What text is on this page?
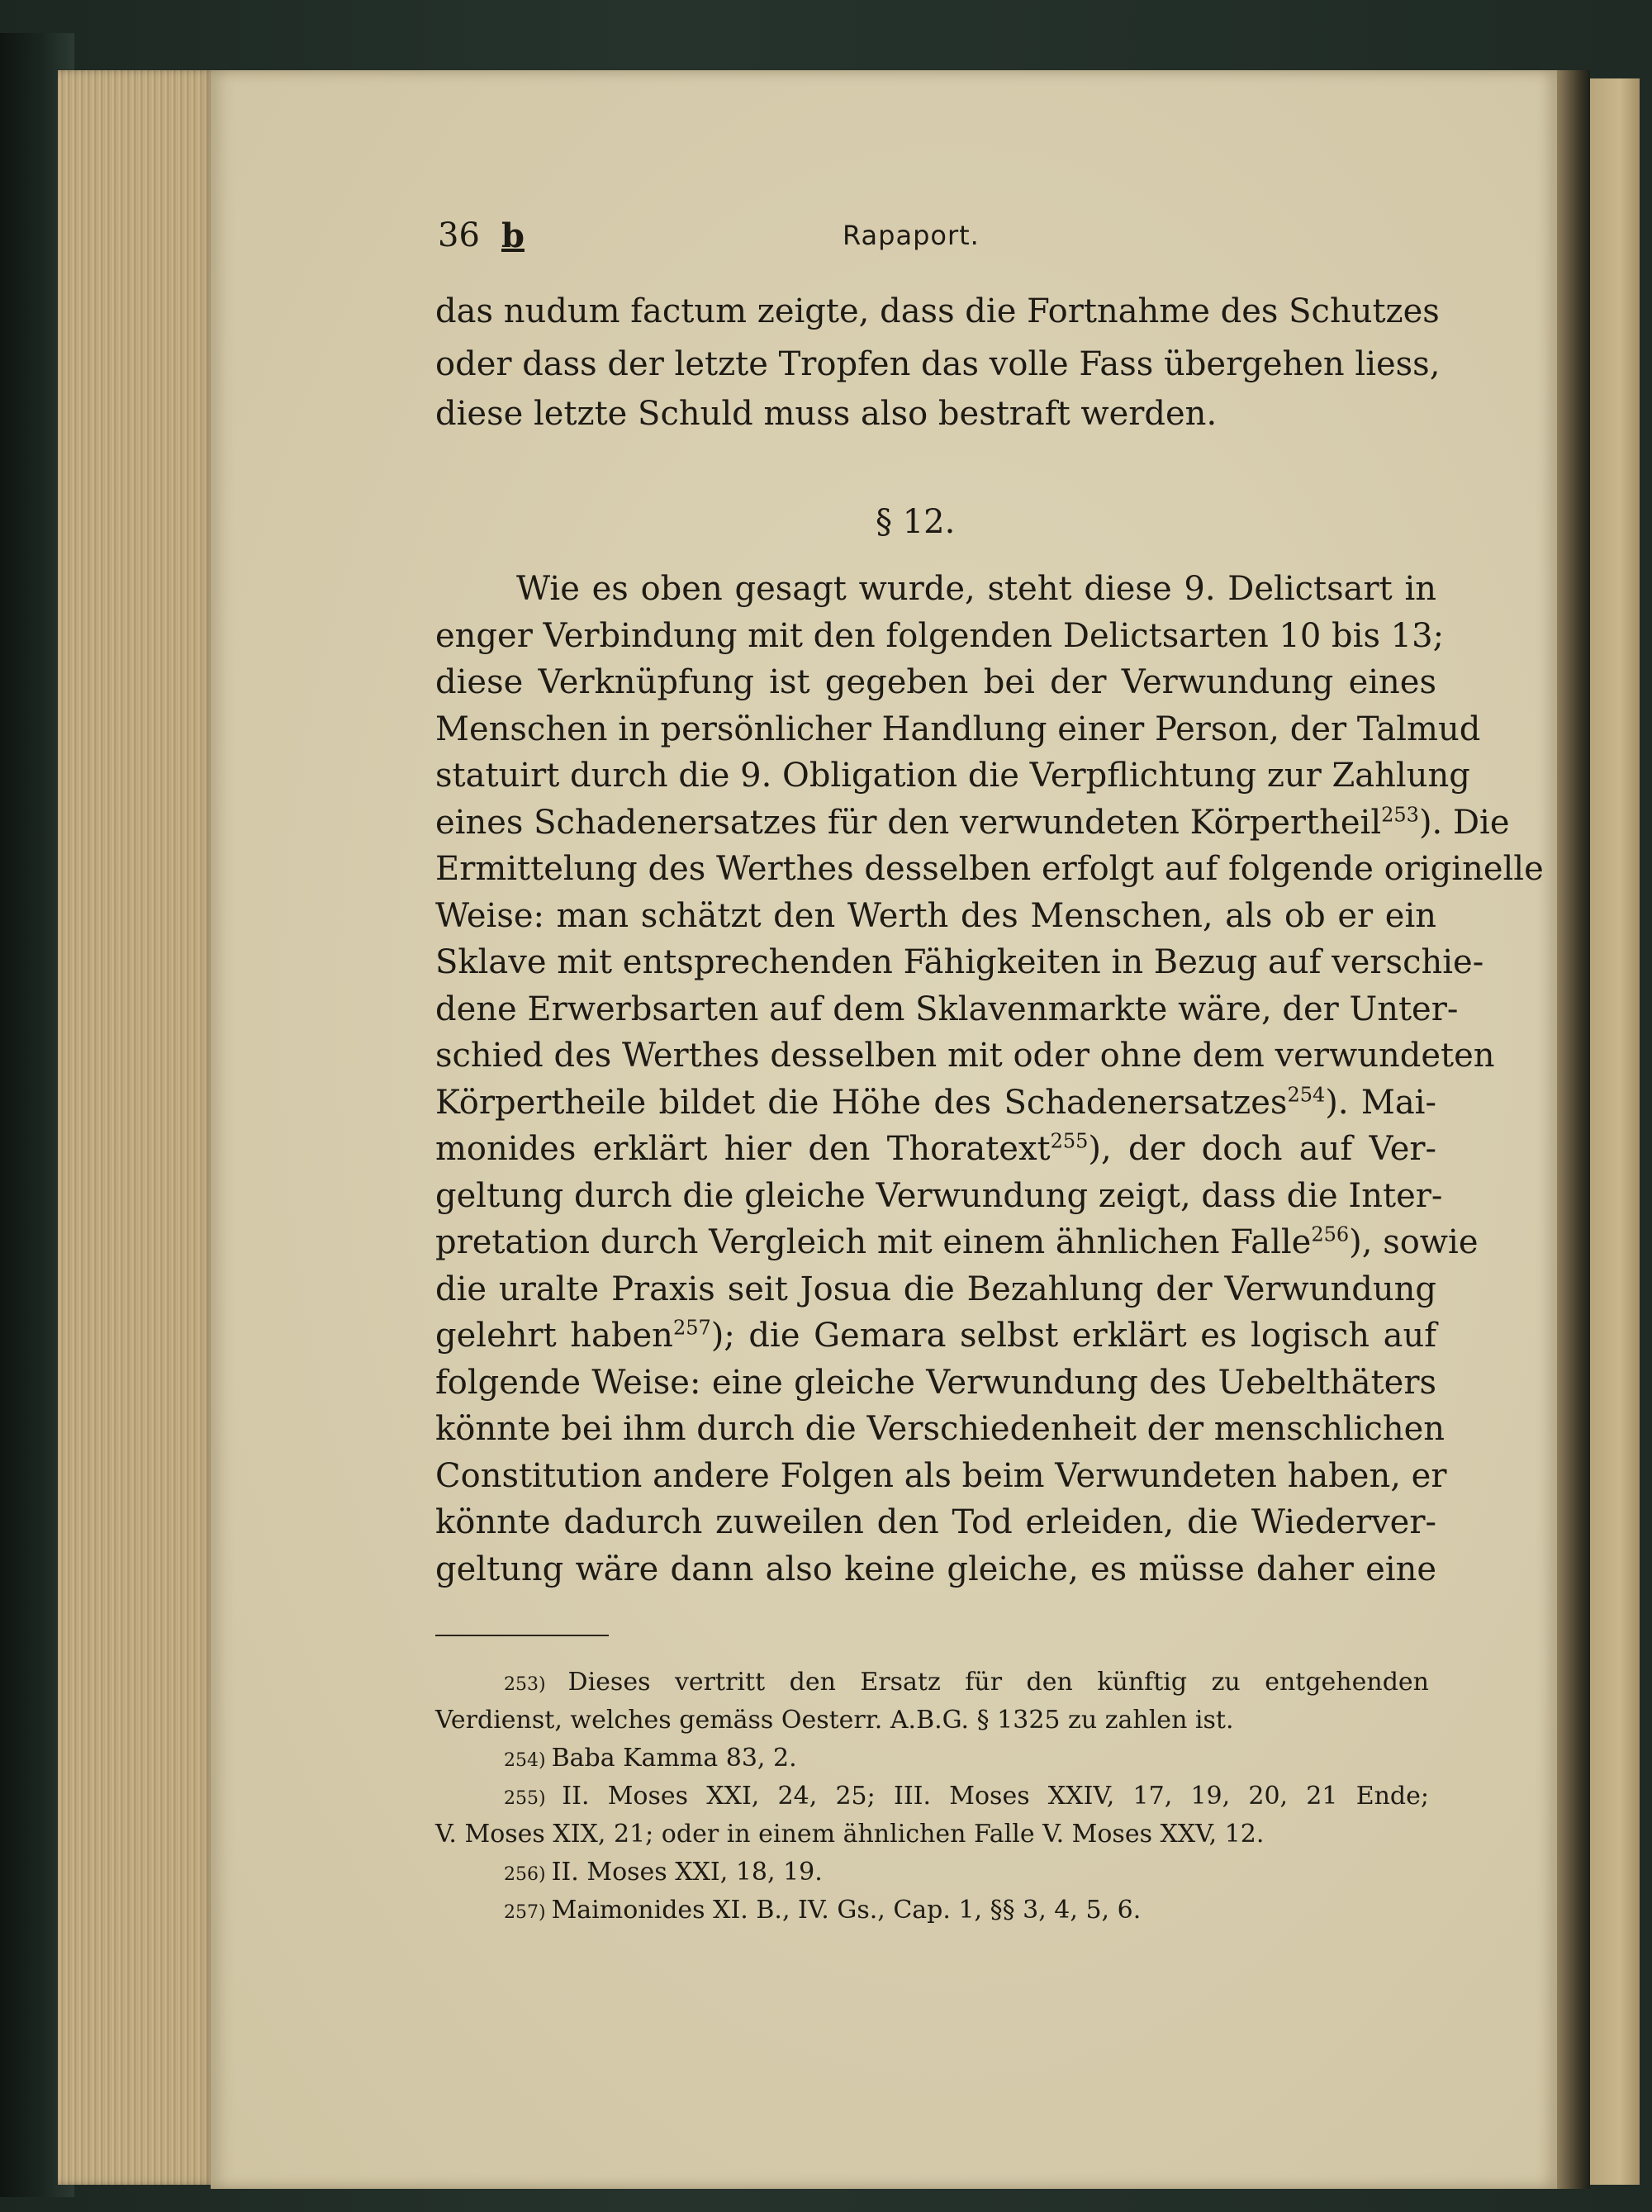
36 b	Rapaport.
das nudum factum zeigte, dass die Fortnahme des Schutzes
oder dass der letzte Tropfen das volle Fass übergehen liess,
diese letzte Schuld muss also bestraft werden.
§ 12.
Wie es oben gesagt wurde, steht diese 9. Delictsart in
enger Verbindung mit den folgenden Delictsarten 10 bis 13;
diese Verknüpfung ist gegeben bei der Verwundung eines
Menschen in persönlicher Handlung einer Person, der Talmud
statuirt durch die 9. Obligation die Verpflichtung zur Zahlung
eines Schadenersatzes für den verwundeten Körpertheil$^{253}$). Die
Ermittelung des Werthes desselben erfolgt auf folgende originelle
Weise: man schätzt den Werth des Menschen, als ob er ein
Sklave mit entsprechenden Fähigkeiten in Bezug auf verschie-
dene Erwerbsarten auf dem Sklavenmarkte wäre, der Unter-
schied des Werthes desselben mit oder ohne dem verwundeten
Körpertheile bildet die Höhe des Schadenersatzes$^{254}$). Mai-
monides erklärt hier den Thoratext$^{255}$), der doch auf Ver-
geltung durch die gleiche Verwundung zeigt, dass die Inter-
pretation durch Vergleich mit einem ähnlichen Falle$^{256}$), sowie
die uralte Praxis seit Josua die Bezahlung der Verwundung
gelehrt haben$^{257}$); die Gemara selbst erklärt es logisch auf
folgende Weise: eine gleiche Verwundung des Uebelthäters
könnte bei ihm durch die Verschiedenheit der menschlichen
Constitution andere Folgen als beim Verwundeten haben, er
könnte dadurch zuweilen den Tod erleiden, die Wiederver-
geltung wäre dann also keine gleiche, es müsse daher eine
253) Dieses vertritt den Ersatz für den künftig zu entgehenden
Verdienst, welches gemäss Oesterr. A.B.G. § 1325 zu zahlen ist.
254) Baba Kamma 83, 2.
255) II. Moses XXI, 24, 25; III. Moses XXIV, 17, 19, 20, 21 Ende;
V. Moses XIX, 21; oder in einem ähnlichen Falle V. Moses XXV, 12.
256) II. Moses XXI, 18, 19.
257) Maimonides XI. B., IV. Gs., Cap. 1, §§ 3, 4, 5, 6.
